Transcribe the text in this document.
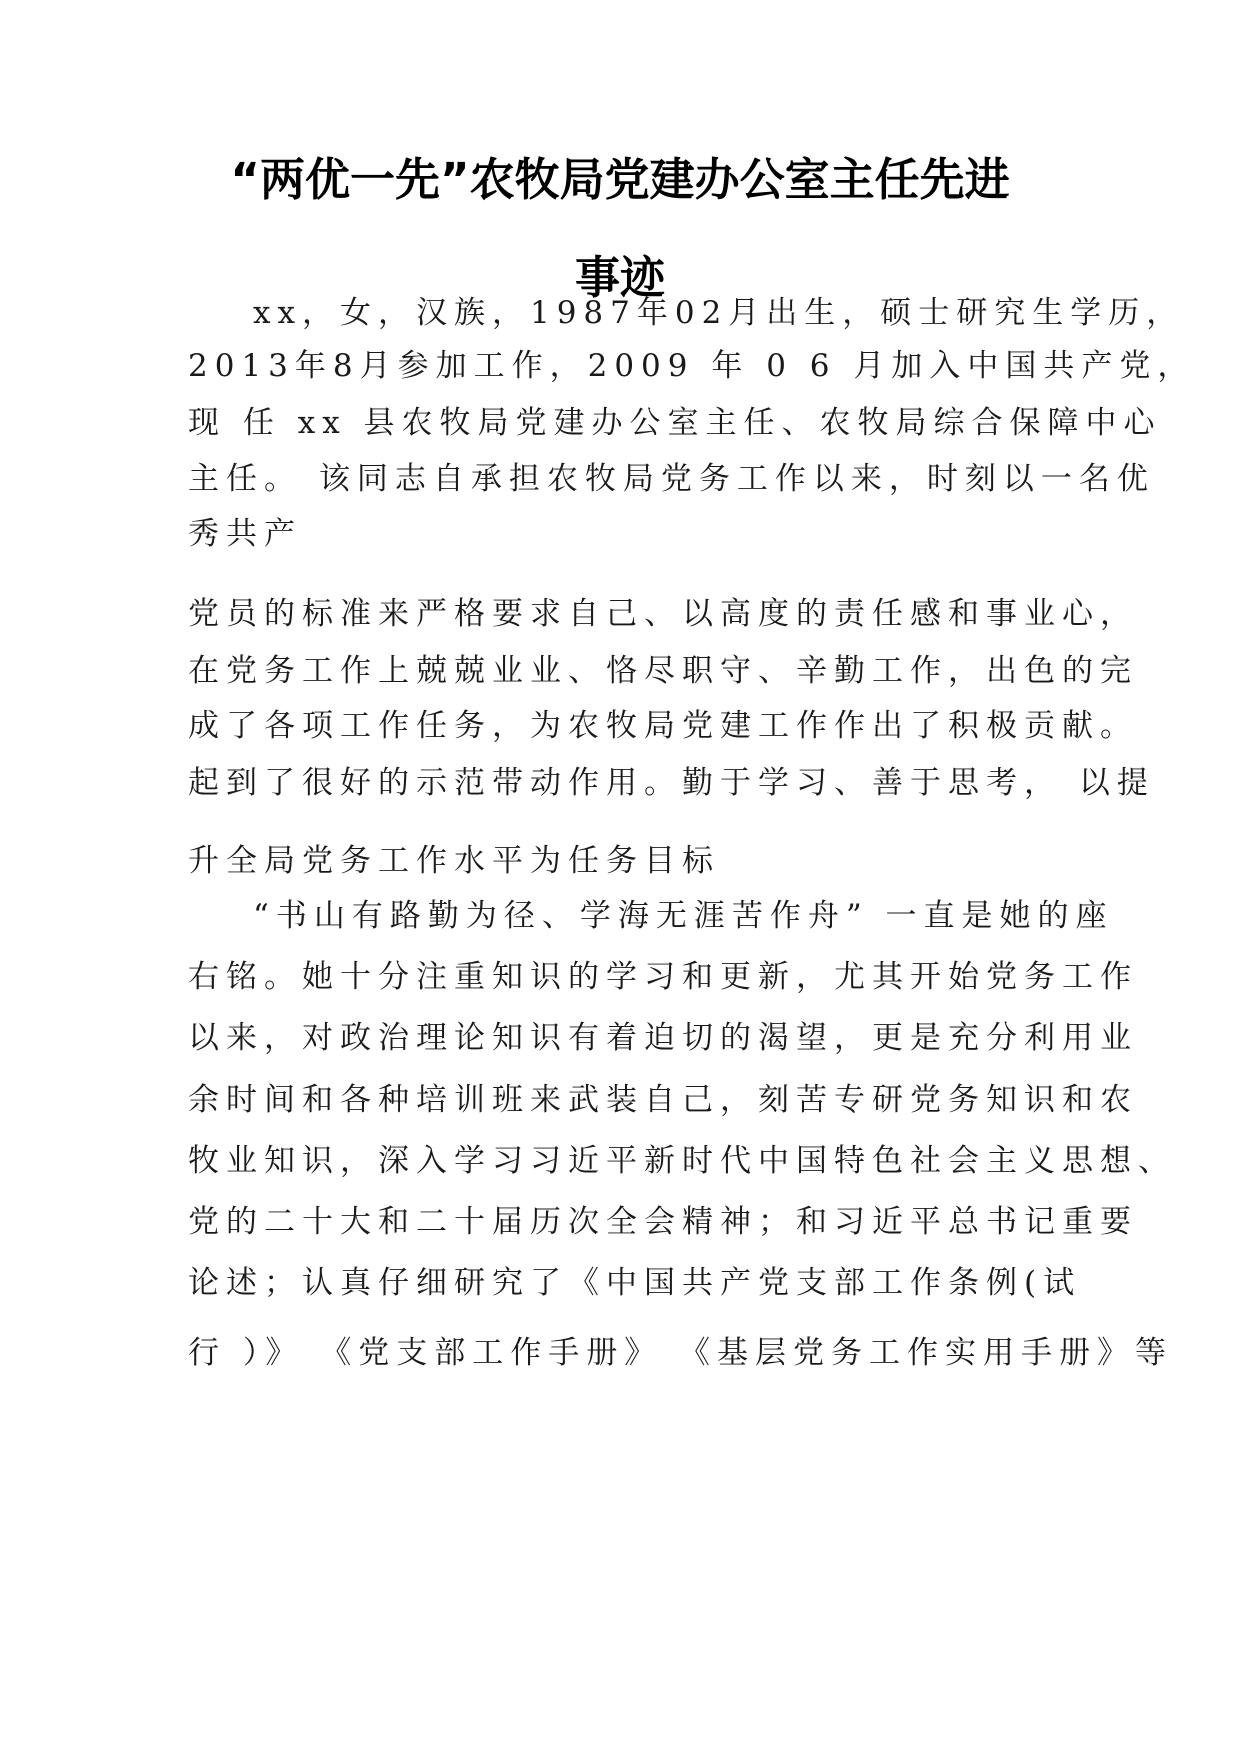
“两优一先”农牧局党建办公室主任先进
事迹

xx，女，汉族，1987年02月出生，硕士研究生学历，

2013年8月参加工作，2009 年 0 6 月加入中国共产党，

现 任 xx 县农牧局党建办公室主任、农牧局综合保障中心

主任。 该同志自承担农牧局党务工作以来，时刻以一名优

秀共产

党员的标准来严格要求自己、以高度的责任感和事业心，

在党务工作上兢兢业业、恪尽职守、辛勤工作，出色的完

成了各项工作任务，为农牧局党建工作作出了积极贡献。

起到了很好的示范带动作用。勤于学习、善于思考， 以提

升全局党务工作水平为任务目标

“书山有路勤为径、学海无涯苦作舟” 一直是她的座

右铭。她十分注重知识的学习和更新，尤其开始党务工作

以来，对政治理论知识有着迫切的渴望，更是充分利用业

余时间和各种培训班来武装自己，刻苦专研党务知识和农

牧业知识，深入学习习近平新时代中国特色社会主义思想、

党的二十大和二十届历次全会精神；和习近平总书记重要

论述；认真仔细研究了《中国共产党支部工作条例(试

行 ）》 《党支部工作手册》 《基层党务工作实用手册》等
